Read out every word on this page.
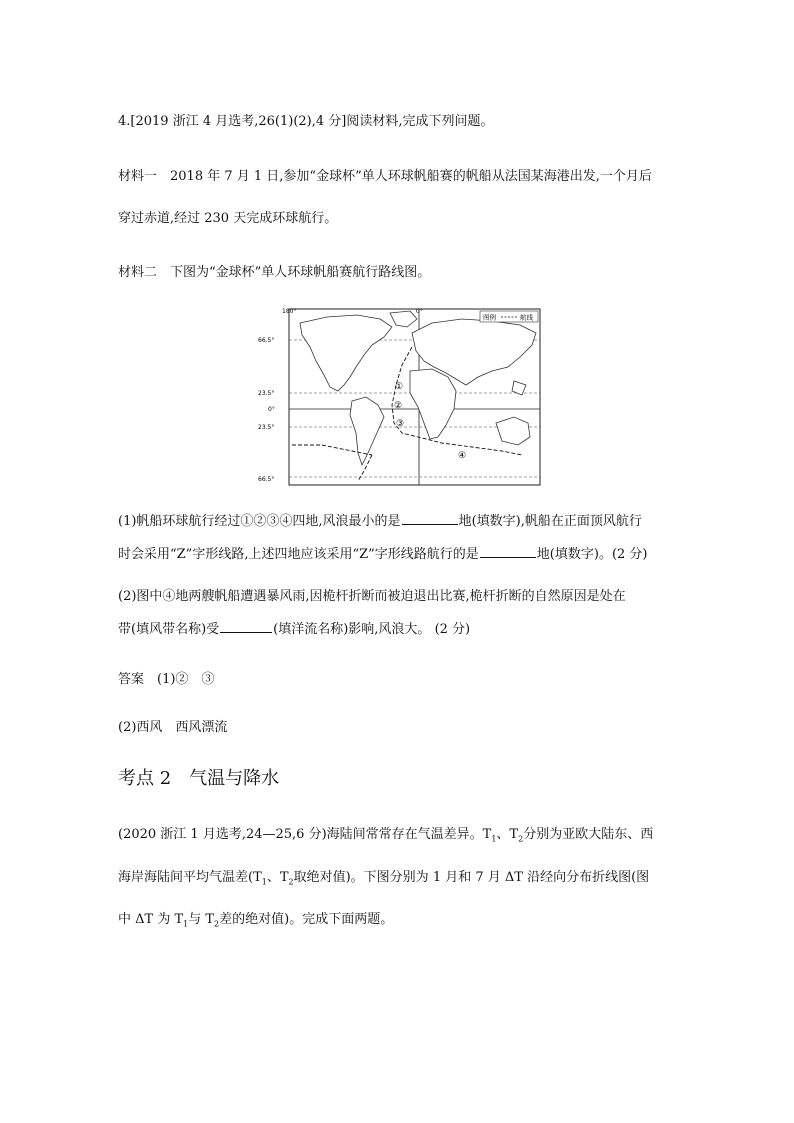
4.[2019 浙江 4 月选考,26(1)(2),4 分]阅读材料,完成下列问题。
材料一　2018 年 7 月 1 日,参加“金球杯”单人环球帆船赛的帆船从法国某海港出发,一个月后
穿过赤道,经过 230 天完成环球航行。
材料二　下图为“金球杯”单人环球帆船赛航行路线图。
图例	航线
180°	0°
66.5°
23.5°
0°
23.5°
66.5°
①
②
③
④
(1)帆船环球航行经过①②③④四地,风浪最小的是	地(填数字),帆船在正面顶风航行
时会采用“Z”字形线路,上述四地应该采用“Z”字形线路航行的是	地(填数字)。(2 分)
(2)图中④地两艘帆船遭遇暴风雨,因桅杆折断而被迫退出比赛,桅杆折断的自然原因是处在
带(填风带名称)受	(填洋流名称)影响,风浪大。 (2 分)
答案　(1)②　③
(2)西风　西风漂流
考点 2　气温与降水
(2020 浙江 1 月选考,24—25,6 分)海陆间常常存在气温差异。$T_1$、$T_2$分别为亚欧大陆东、西
海岸海陆间平均气温差($T_1$、$T_2$取绝对值)。下图分别为 1 月和 7 月 ΔT 沿经向分布折线图(图
中 ΔT 为 $T_1$与 $T_2$差的绝对值)。完成下面两题。
